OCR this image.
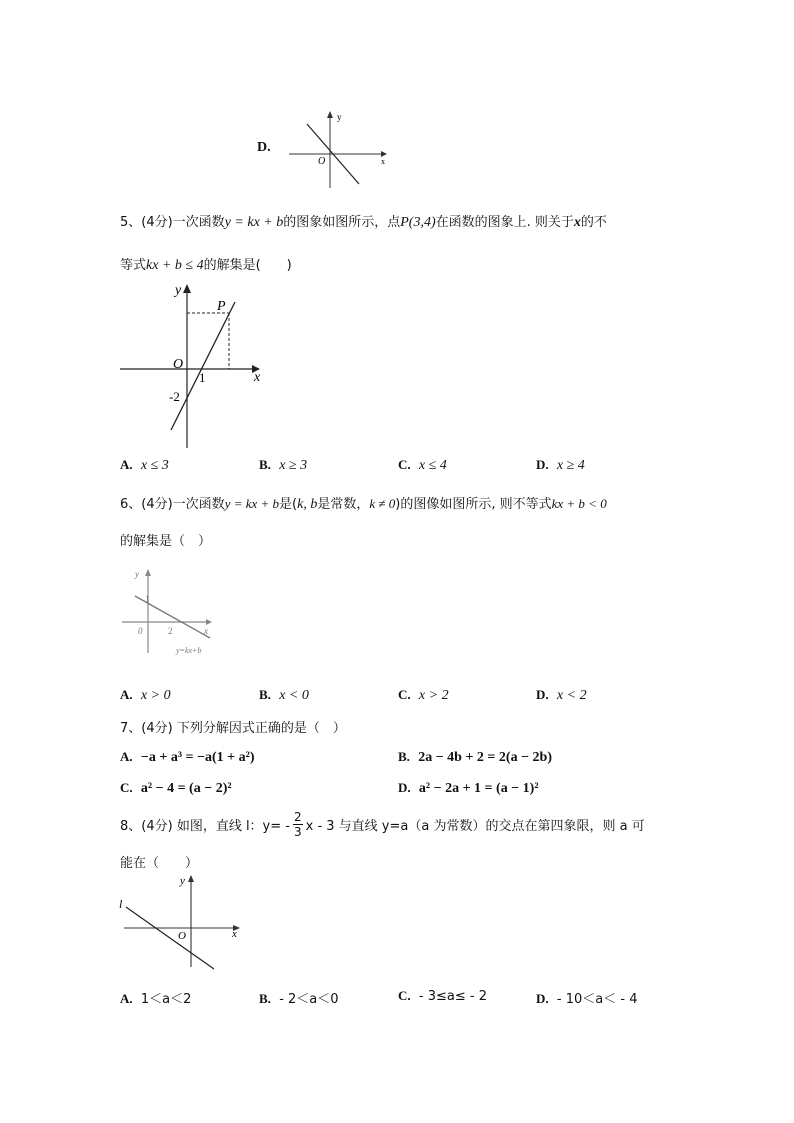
D.
y
x
O
5、(4分)一次函数y = kx + b的图象如图所示，点P(3,4)在函数的图象上. 则关于x的不
等式kx + b ≤ 4的解集是(　　)
y
x
O
P
1
-2
A. x ≤ 3	B. x ≥ 3	C. x ≤ 4	D. x ≥ 4
6、(4分)一次函数y = kx + b是(k, b是常数，k ≠ 0)的图像如图所示, 则不等式kx + b < 0
的解集是（　）
y
x
0
1
2
y=kx+b
A. x > 0	B. x < 0	C. x > 2	D. x < 2
7、(4分) 下列分解因式正确的是（　）
A. −a + a³ = −a(1 + a²)	B. 2a − 4b + 2 = 2(a − 2b)
C. a² − 4 = (a − 2)²	D. a² − 2a + 1 = (a − 1)²
8、(4分) 如图，直线 l：$y= - \frac{2}{3}$ x - 3 与直线 y=a（a 为常数）的交点在第四象限，则 a 可
能在（　　）
y
x
O
l
A. 1＜a＜2	B. - 2＜a＜0	C. - 3≤a≤ - 2	D. - 10＜a＜ - 4
